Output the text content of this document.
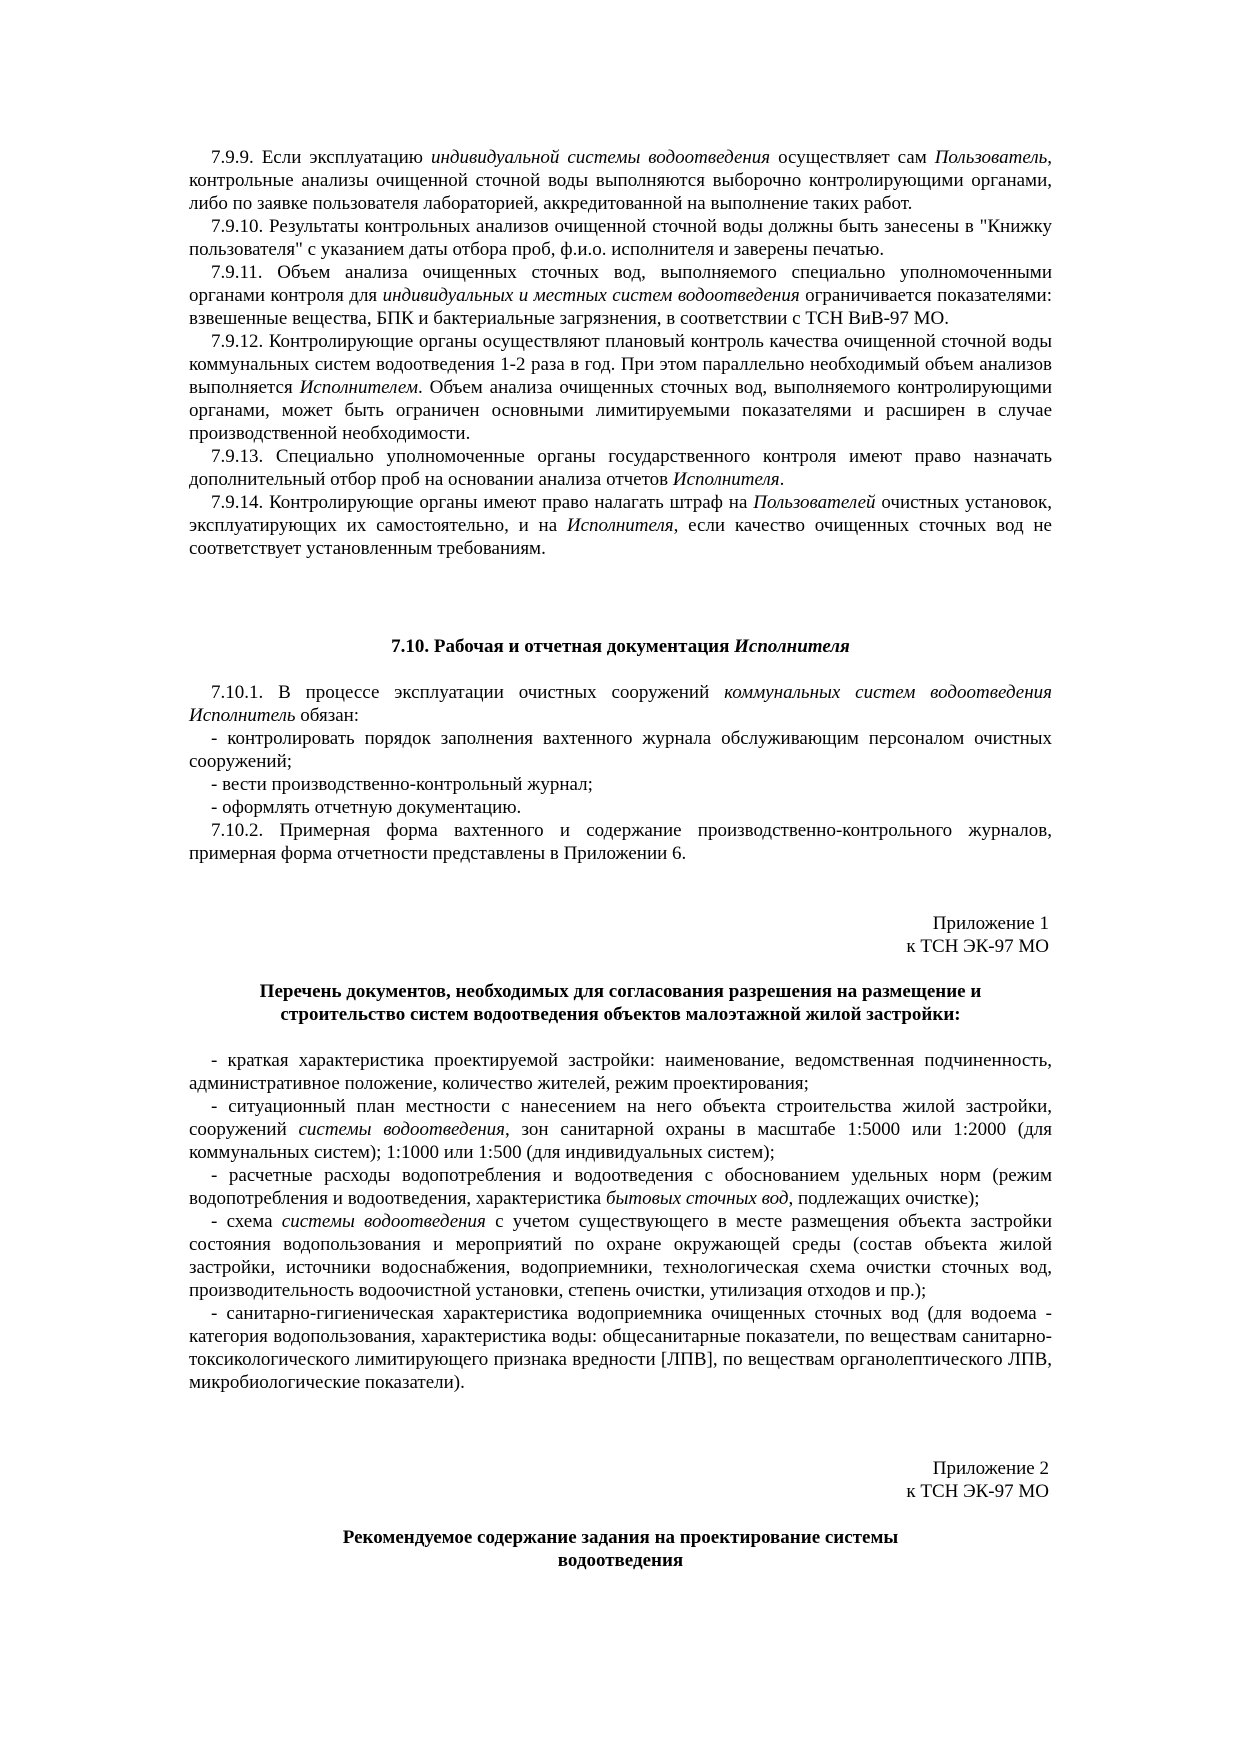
7.9.9. Если эксплуатацию индивидуальной системы водоотведения осуществляет сам Пользователь, контрольные анализы очищенной сточной воды выполняются выборочно контролирующими органами, либо по заявке пользователя лабораторией, аккредитованной на выполнение таких работ.

7.9.10. Результаты контрольных анализов очищенной сточной воды должны быть занесены в "Книжку пользователя" с указанием даты отбора проб, ф.и.о. исполнителя и заверены печатью.

7.9.11. Объем анализа очищенных сточных вод, выполняемого специально уполномоченными органами контроля для индивидуальных и местных систем водоотведения ограничивается показателями: взвешенные вещества, БПК и бактериальные загрязнения, в соответствии с ТСН ВиВ-97 МО.

7.9.12. Контролирующие органы осуществляют плановый контроль качества очищенной сточной воды коммунальных систем водоотведения 1-2 раза в год. При этом параллельно необходимый объем анализов выполняется Исполнителем. Объем анализа очищенных сточных вод, выполняемого контролирующими органами, может быть ограничен основными лимитируемыми показателями и расширен в случае производственной необходимости.

7.9.13. Специально уполномоченные органы государственного контроля имеют право назначать дополнительный отбор проб на основании анализа отчетов Исполнителя.

7.9.14. Контролирующие органы имеют право налагать штраф на Пользователей очистных установок, эксплуатирующих их самостоятельно, и на Исполнителя, если качество очищенных сточных вод не соответствует установленным требованиям.

7.10. Рабочая и отчетная документация Исполнителя

7.10.1. В процессе эксплуатации очистных сооружений коммунальных систем водоотведения Исполнитель обязан:

- контролировать порядок заполнения вахтенного журнала обслуживающим персоналом очистных сооружений;

- вести производственно-контрольный журнал;

- оформлять отчетную документацию.

7.10.2. Примерная форма вахтенного и содержание производственно-контрольного журналов, примерная форма отчетности представлены в Приложении 6.

Приложение 1

к ТСН ЭК-97 МО

Перечень документов, необходимых для согласования разрешения на размещение и строительство систем водоотведения объектов малоэтажной жилой застройки:

- краткая характеристика проектируемой застройки: наименование, ведомственная подчиненность, административное положение, количество жителей, режим проектирования;

- ситуационный план местности с нанесением на него объекта строительства жилой застройки, сооружений системы водоотведения, зон санитарной охраны в масштабе 1:5000 или 1:2000 (для коммунальных систем); 1:1000 или 1:500 (для индивидуальных систем);

- расчетные расходы водопотребления и водоотведения с обоснованием удельных норм (режим водопотребления и водоотведения, характеристика бытовых сточных вод, подлежащих очистке);

- схема системы водоотведения с учетом существующего в месте размещения объекта застройки состояния водопользования и мероприятий по охране окружающей среды (состав объекта жилой застройки, источники водоснабжения, водоприемники, технологическая схема очистки сточных вод, производительность водоочистной установки, степень очистки, утилизация отходов и пр.);

- санитарно-гигиеническая характеристика водоприемника очищенных сточных вод (для водоема - категория водопользования, характеристика воды: общесанитарные показатели, по веществам санитарно-токсикологического лимитирующего признака вредности [ЛПВ], по веществам органолептического ЛПВ, микробиологические показатели).

Приложение 2

к ТСН ЭК-97 МО

Рекомендуемое содержание задания на проектирование системы
водоотведения
